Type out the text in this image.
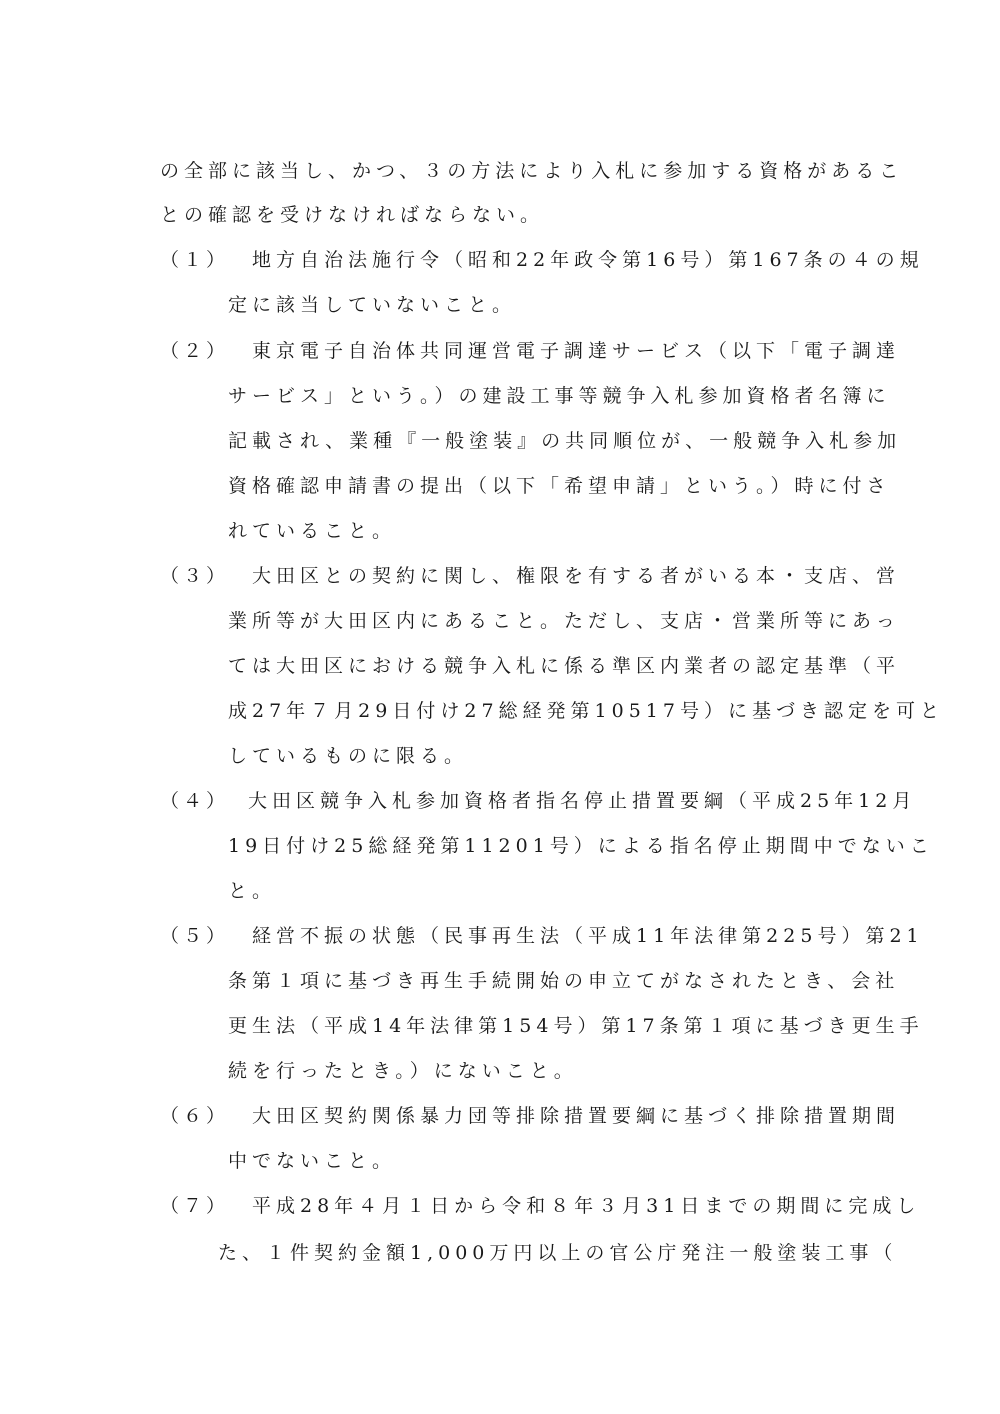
の全部に該当し、かつ、３の方法により入札に参加する資格があるこ
との確認を受けなければならない。
（１） 地方自治法施行令（昭和22年政令第16号）第167条の４の規
定に該当していないこと。
（２） 東京電子自治体共同運営電子調達サービス（以下「電子調達
サービス」という。）の建設工事等競争入札参加資格者名簿に
記載され、業種『一般塗装』の共同順位が、一般競争入札参加
資格確認申請書の提出（以下「希望申請」という。）時に付さ
れていること。
（３） 大田区との契約に関し、権限を有する者がいる本・支店、営
業所等が大田区内にあること。ただし、支店・営業所等にあっ
ては大田区における競争入札に係る準区内業者の認定基準（平
成27年７月29日付け27総経発第10517号）に基づき認定を可と
しているものに限る。
（４） 大田区競争入札参加資格者指名停止措置要綱（平成25年12月
19日付け25総経発第11201号）による指名停止期間中でないこ
と。
（５） 経営不振の状態（民事再生法（平成11年法律第225号）第21
条第１項に基づき再生手続開始の申立てがなされたとき、会社
更生法（平成14年法律第154号）第17条第１項に基づき更生手
続を行ったとき。）にないこと。
（６） 大田区契約関係暴力団等排除措置要綱に基づく排除措置期間
中でないこと。
（７） 平成28年４月１日から令和８年３月31日までの期間に完成し
た、１件契約金額1,000万円以上の官公庁発注一般塗装工事（
